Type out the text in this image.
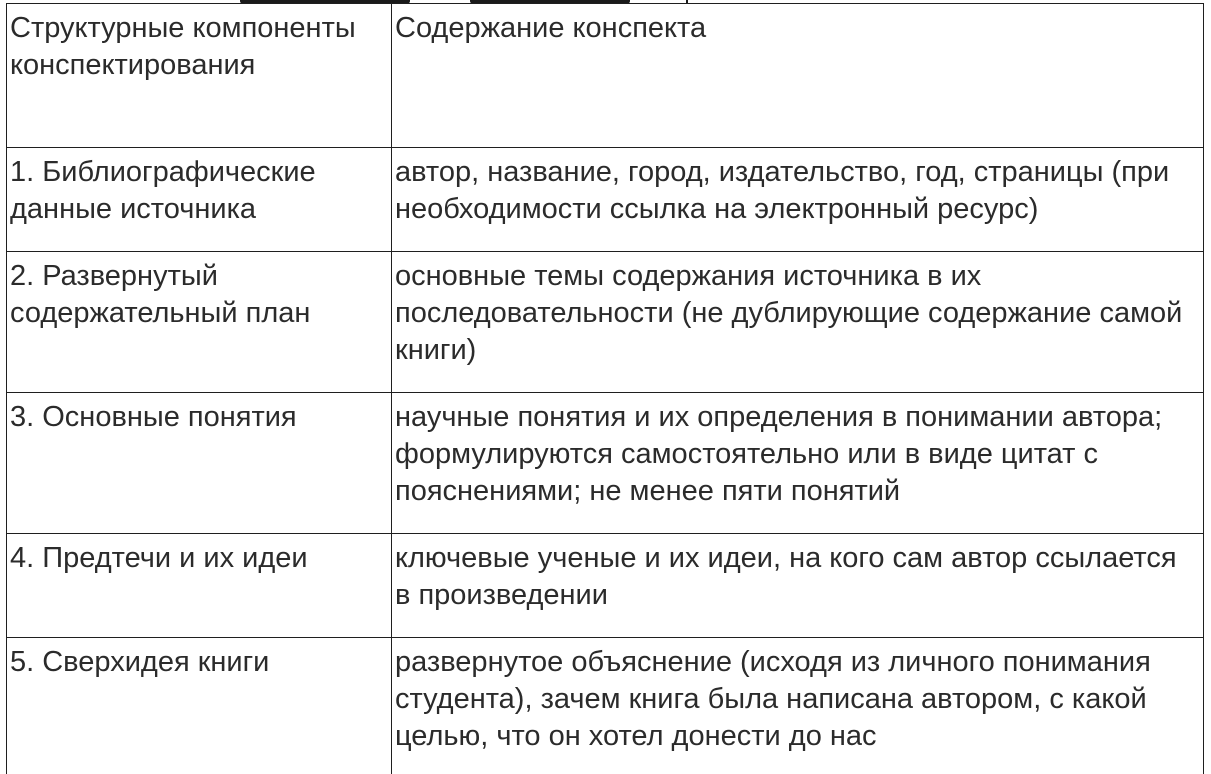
Структурные компоненты конспектирования	Содержание конспекта
1. Библиографические данные источника	автор, название, город, издательство, год, страницы (при необходимости ссылка на электронный ресурс)
2. Развернутый содержательный план	основные темы содержания источника в их последовательности (не дублирующие содержание самой книги)
3. Основные понятия	научные понятия и их определения в понимании автора; формулируются самостоятельно или в виде цитат с пояснениями; не менее пяти понятий
4. Предтечи и их идеи	ключевые ученые и их идеи, на кого сам автор ссылается в произведении
5. Сверхидея книги	развернутое объяснение (исходя из личного понимания студента), зачем книга была написана автором, с какой целью, что он хотел донести до нас
